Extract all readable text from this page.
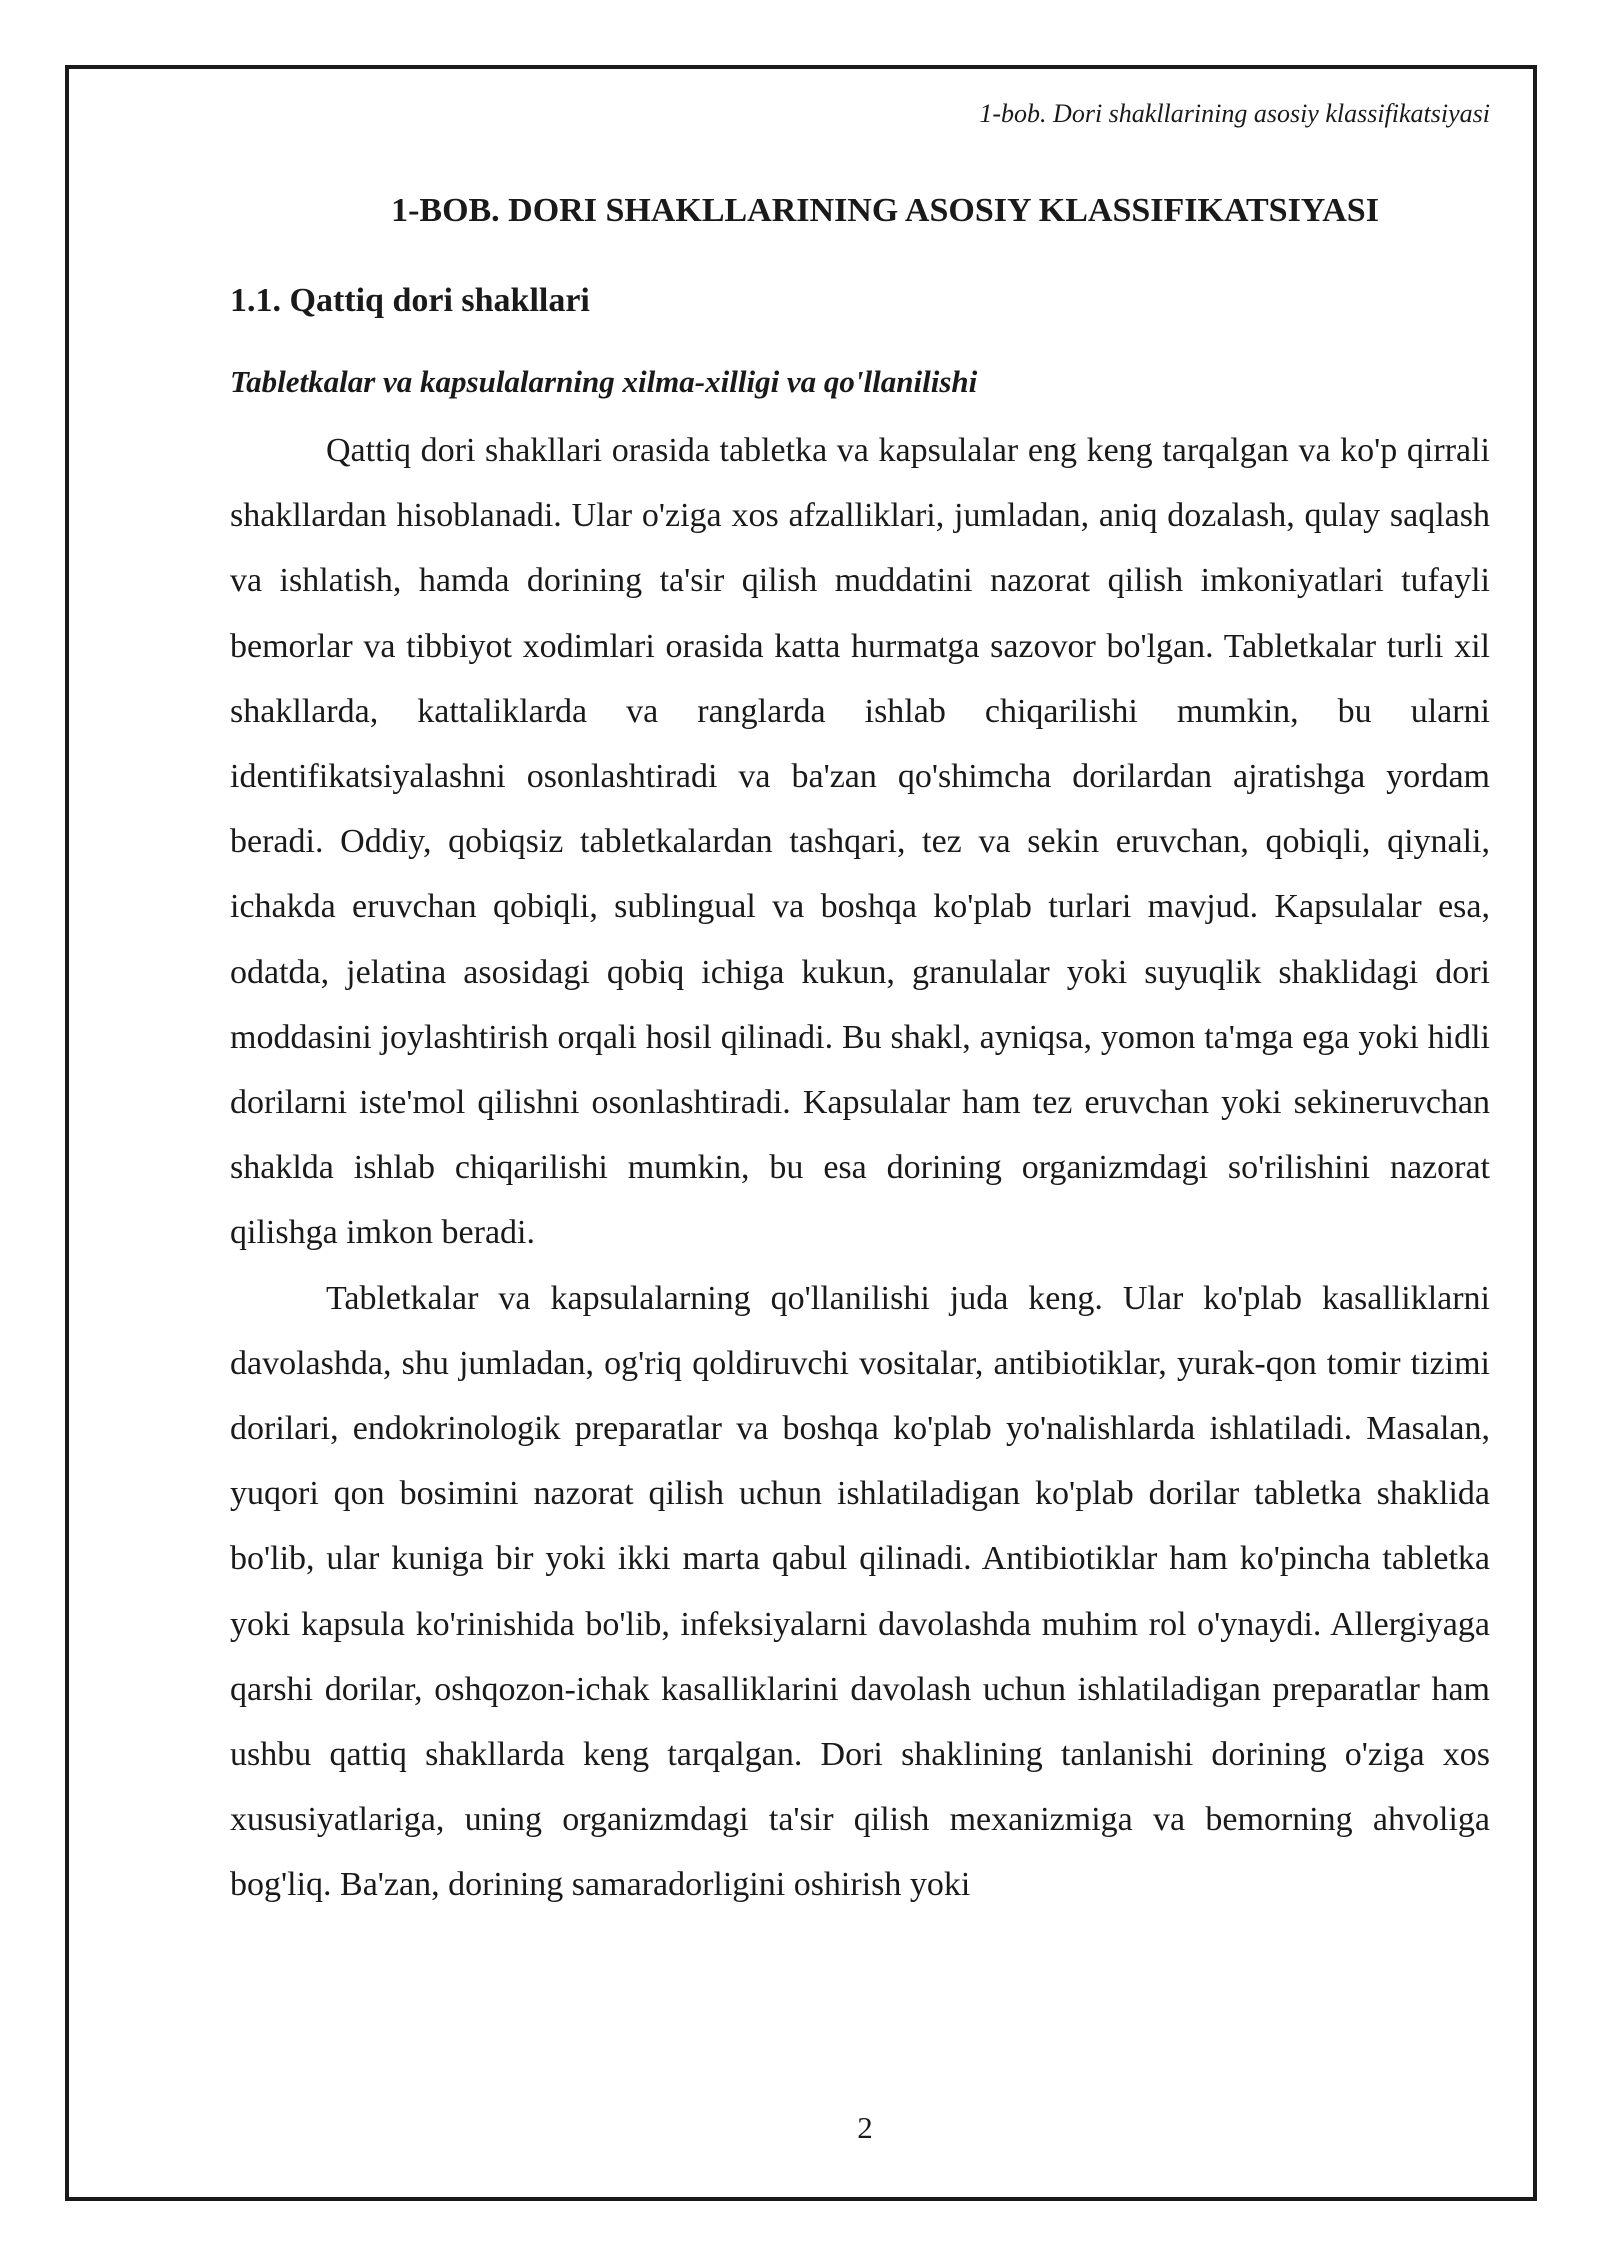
1-bob. Dori shakllarining asosiy klassifikatsiyasi
1-BOB. DORI SHAKLLARINING ASOSIY KLASSIFIKATSIYASI
1.1. Qattiq dori shakllari
Tabletkalar va kapsulalarning xilma-xilligi va qo'llanilishi

Qattiq dori shakllari orasida tabletka va kapsulalar eng keng tarqalgan va ko'p qirrali shakllardan hisoblanadi. Ular o'ziga xos afzalliklari, jumladan, aniq dozalash, qulay saqlash va ishlatish, hamda dorining ta'sir qilish muddatini nazorat qilish imkoniyatlari tufayli bemorlar va tibbiyot xodimlari orasida katta hurmatga sazovor bo'lgan. Tabletkalar turli xil shakllarda, kattaliklarda va ranglarda ishlab chiqarilishi mumkin, bu ularni identifikatsiyalashni osonlashtiradi va ba'zan qo'shimcha dorilardan ajratishga yordam beradi. Oddiy, qobiqsiz tabletkalardan tashqari, tez va sekin eruvchan, qobiqli, qiynali, ichakda eruvchan qobiqli, sublingual va boshqa ko'plab turlari mavjud. Kapsulalar esa, odatda, jelatina asosidagi qobiq ichiga kukun, granulalar yoki suyuqlik shaklidagi dori moddasini joylashtirish orqali hosil qilinadi. Bu shakl, ayniqsa, yomon ta'mga ega yoki hidli dorilarni iste'mol qilishni osonlashtiradi. Kapsulalar ham tez eruvchan yoki sekineruvchan shaklda ishlab chiqarilishi mumkin, bu esa dorining organizmdagi so'rilishini nazorat qilishga imkon beradi.

Tabletkalar va kapsulalarning qo'llanilishi juda keng. Ular ko'plab kasalliklarni davolashda, shu jumladan, og'riq qoldiruvchi vositalar, antibiotiklar, yurak-qon tomir tizimi dorilari, endokrinologik preparatlar va boshqa ko'plab yo'nalishlarda ishlatiladi. Masalan, yuqori qon bosimini nazorat qilish uchun ishlatiladigan ko'plab dorilar tabletka shaklida bo'lib, ular kuniga bir yoki ikki marta qabul qilinadi. Antibiotiklar ham ko'pincha tabletka yoki kapsula ko'rinishida bo'lib, infeksiyalarni davolashda muhim rol o'ynaydi. Allergiyaga qarshi dorilar, oshqozon-ichak kasalliklarini davolash uchun ishlatiladigan preparatlar ham ushbu qattiq shakllarda keng tarqalgan. Dori shaklining tanlanishi dorining o'ziga xos xususiyatlariga, uning organizmdagi ta'sir qilish mexanizmiga va bemorning ahvoliga bog'liq. Ba'zan, dorining samaradorligini oshirish yoki

2
